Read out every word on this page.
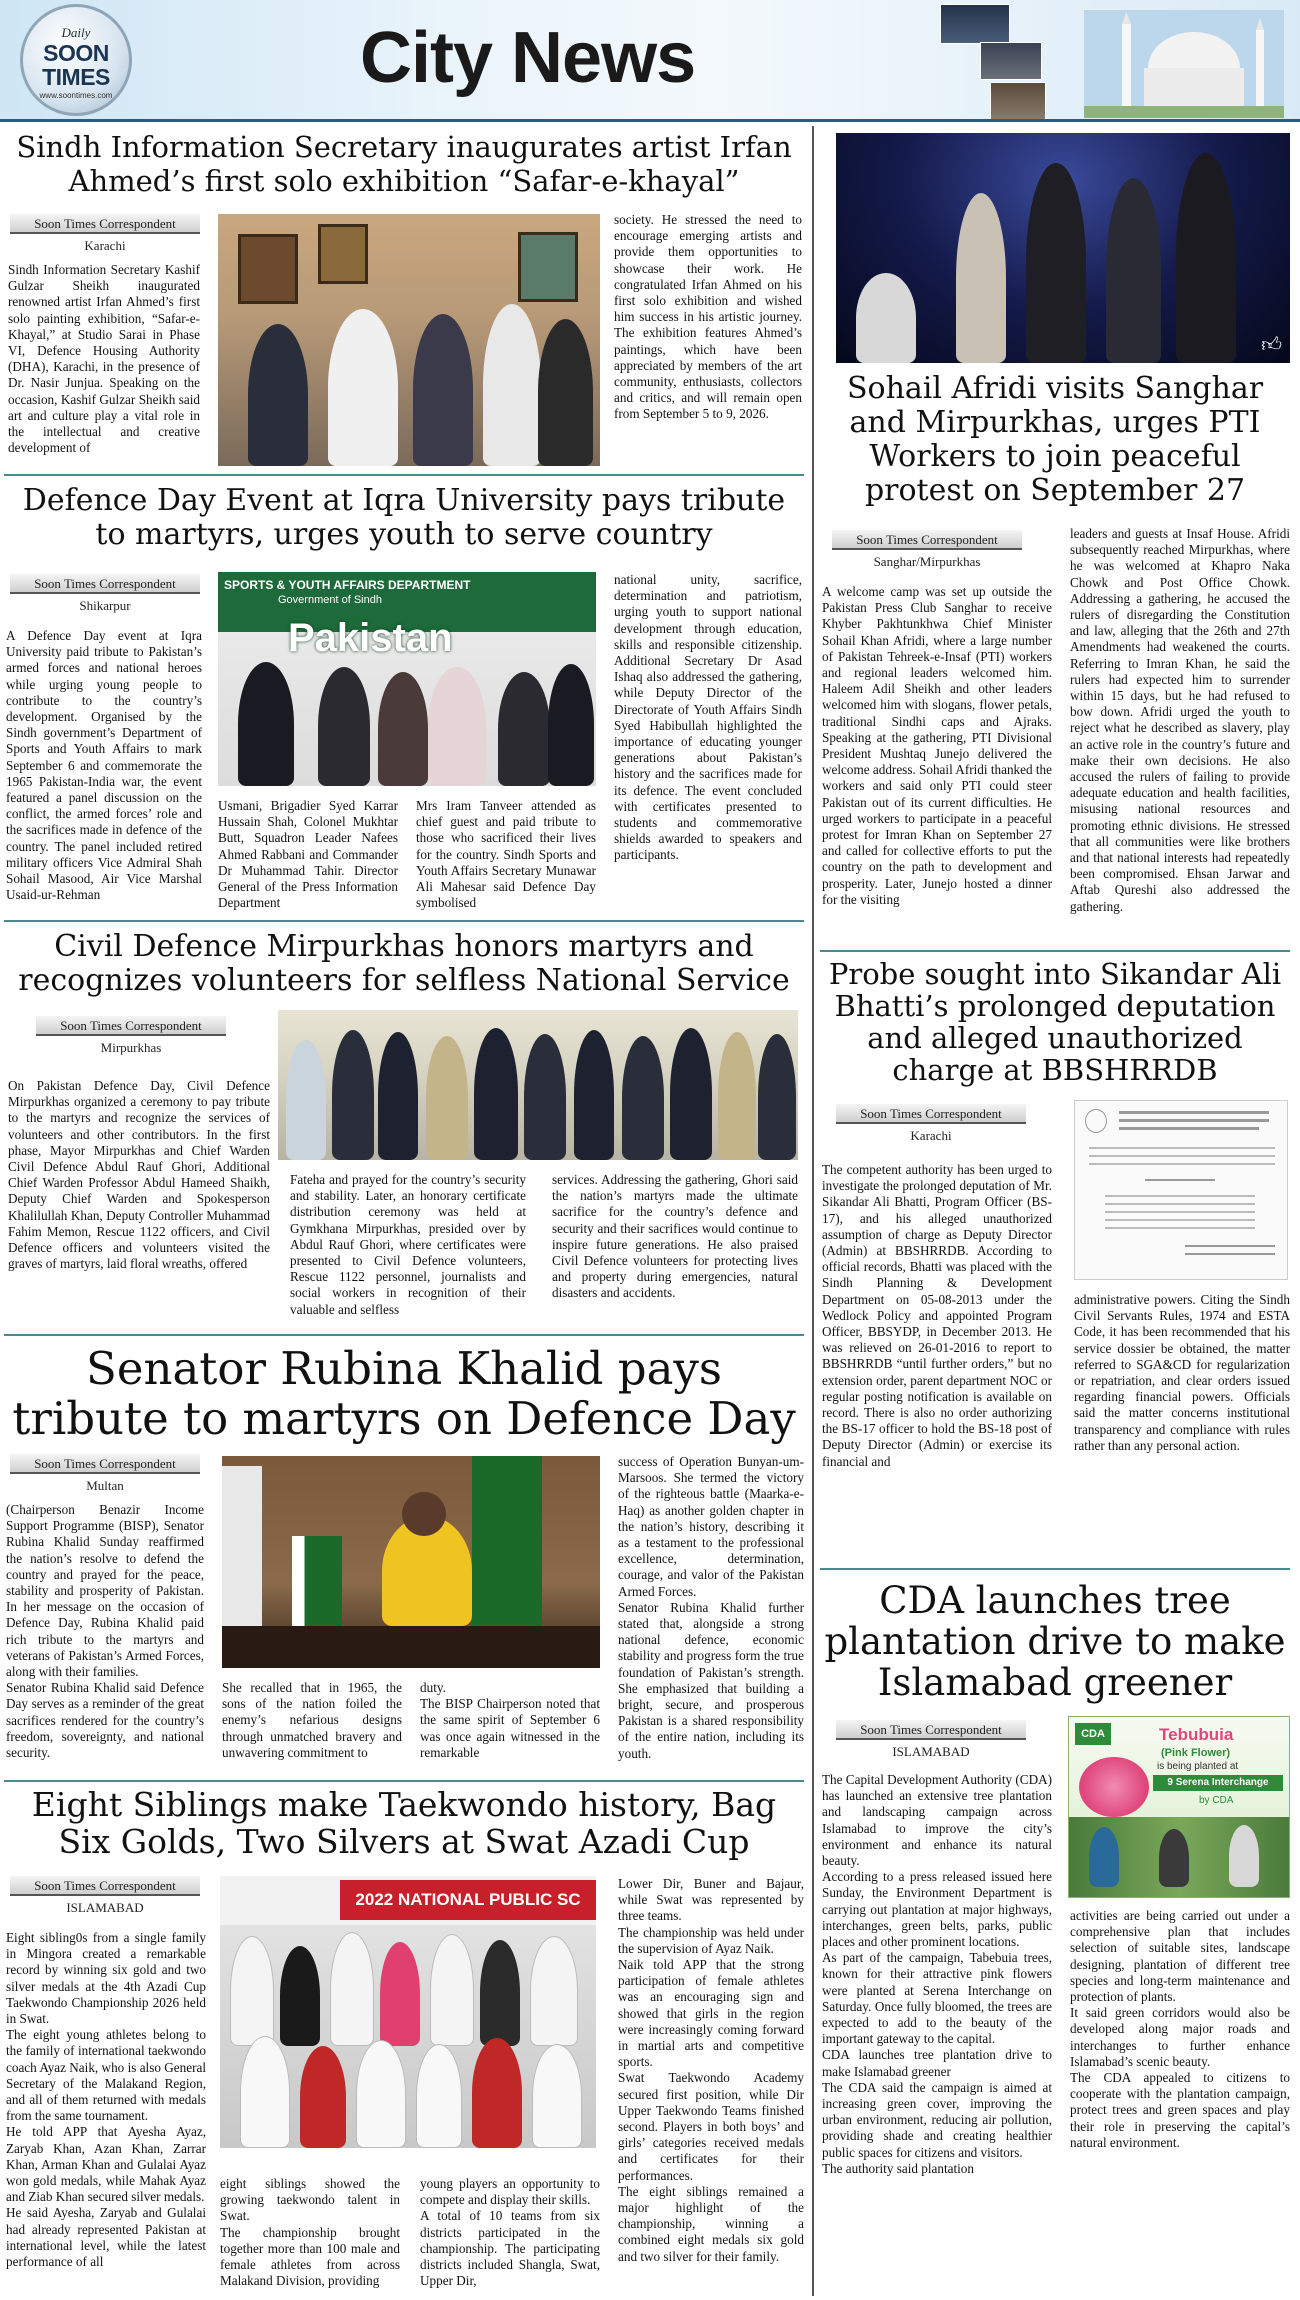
Daily
SOON TIMES
www.soontimes.com	City News
Sindh Information Secretary inaugurates artist Irfan Ahmed’s first solo exhibition “Safar-e-khayal”
Soon Times Correspondent
Karachi
Sindh Information Secretary Kashif Gulzar Sheikh inaugurated renowned artist Irfan Ahmed’s first solo painting exhibition, “Safar-e-Khayal,” at Studio Sarai in Phase VI, Defence Housing Authority (DHA), Karachi, in the presence of Dr. Nasir Junjua. Speaking on the occasion, Kashif Gulzar Sheikh said art and culture play a vital role in the intellectual and creative development of
society. He stressed the need to encourage emerging artists and provide them opportunities to showcase their work. He congratulated Irfan Ahmed on his first solo exhibition and wished him success in his artistic journey. The exhibition features Ahmed’s paintings, which have been appreciated by members of the art community, enthusiasts, collectors and critics, and will remain open from September 5 to 9, 2026.
👍︎
Sohail Afridi visits Sanghar and Mirpurkhas, urges PTI Workers to join peaceful protest on September 27
Soon Times Correspondent
Sanghar/Mirpurkhas
A welcome camp was set up outside the Pakistan Press Club Sanghar to receive Khyber Pakhtunkhwa Chief Minister Sohail Khan Afridi, where a large number of Pakistan Tehreek-e-Insaf (PTI) workers and regional leaders welcomed him. Haleem Adil Sheikh and other leaders welcomed him with slogans, flower petals, traditional Sindhi caps and Ajraks. Speaking at the gathering, PTI Divisional President Mushtaq Junejo delivered the welcome address. Sohail Afridi thanked the workers and said only PTI could steer Pakistan out of its current difficulties. He urged workers to participate in a peaceful protest for Imran Khan on September 27 and called for collective efforts to put the country on the path to development and prosperity. Later, Junejo hosted a dinner for the visiting
leaders and guests at Insaf House. Afridi subsequently reached Mirpurkhas, where he was welcomed at Khapro Naka Chowk and Post Office Chowk. Addressing a gathering, he accused the rulers of disregarding the Constitution and law, alleging that the 26th and 27th Amendments had weakened the courts. Referring to Imran Khan, he said the rulers had expected him to surrender within 15 days, but he had refused to bow down. Afridi urged the youth to reject what he described as slavery, play an active role in the country’s future and make their own decisions. He also accused the rulers of failing to provide adequate education and health facilities, misusing national resources and promoting ethnic divisions. He stressed that all communities were like brothers and that national interests had repeatedly been compromised. Ehsan Jarwar and Aftab Qureshi also addressed the gathering.
Defence Day Event at Iqra University pays tribute to martyrs, urges youth to serve country
Soon Times Correspondent
Shikarpur
A Defence Day event at Iqra University paid tribute to Pakistan’s armed forces and national heroes while urging young people to contribute to the country’s development. Organised by the Sindh government’s Department of Sports and Youth Affairs to mark September 6 and commemorate the 1965 Pakistan-India war, the event featured a panel discussion on the conflict, the armed forces’ role and the sacrifices made in defence of the country. The panel included retired military officers Vice Admiral Shah Sohail Masood, Air Vice Marshal Usaid-ur-Rehman
SPORTS & YOUTH AFFAIRS DEPARTMENT
Government of Sindh
Pakistan
Usmani, Brigadier Syed Karrar Hussain Shah, Colonel Mukhtar Butt, Squadron Leader Nafees Ahmed Rabbani and Commander Dr Muhammad Tahir. Director General of the Press Information Department
Mrs Iram Tanveer attended as chief guest and paid tribute to those who sacrificed their lives for the country. Sindh Sports and Youth Affairs Secretary Munawar Ali Mahesar said Defence Day symbolised
national unity, sacrifice, determination and patriotism, urging youth to support national development through education, skills and responsible citizenship. Additional Secretary Dr Asad Ishaq also addressed the gathering, while Deputy Director of the Directorate of Youth Affairs Sindh Syed Habibullah highlighted the importance of educating younger generations about Pakistan’s history and the sacrifices made for its defence. The event concluded with certificates presented to students and commemorative shields awarded to speakers and participants.
Civil Defence Mirpurkhas honors martyrs and recognizes volunteers for selfless National Service
Soon Times Correspondent
Mirpurkhas
On Pakistan Defence Day, Civil Defence Mirpurkhas organized a ceremony to pay tribute to the martyrs and recognize the services of volunteers and other contributors. In the first phase, Mayor Mirpurkhas and Chief Warden Civil Defence Abdul Rauf Ghori, Additional Chief Warden Professor Abdul Hameed Shaikh, Deputy Chief Warden and Spokesperson Khalilullah Khan, Deputy Controller Muhammad Fahim Memon, Rescue 1122 officers, and Civil Defence officers and volunteers visited the graves of martyrs, laid floral wreaths, offered
Fateha and prayed for the country’s security and stability. Later, an honorary certificate distribution ceremony was held at Gymkhana Mirpurkhas, presided over by Abdul Rauf Ghori, where certificates were presented to Civil Defence volunteers, Rescue 1122 personnel, journalists and social workers in recognition of their valuable and selfless
services. Addressing the gathering, Ghori said the nation’s martyrs made the ultimate sacrifice for the country’s defence and security and their sacrifices would continue to inspire future generations. He also praised Civil Defence volunteers for protecting lives and property during emergencies, natural disasters and accidents.
Probe sought into Sikandar Ali Bhatti’s prolonged deputation and alleged unauthorized charge at BBSHRRDB
Soon Times Correspondent
Karachi
The competent authority has been urged to investigate the prolonged deputation of Mr. Sikandar Ali Bhatti, Program Officer (BS-17), and his alleged unauthorized assumption of charge as Deputy Director (Admin) at BBSHRRDB. According to official records, Bhatti was placed with the Sindh Planning & Development Department on 05-08-2013 under the Wedlock Policy and appointed Program Officer, BBSYDP, in December 2013. He was relieved on 26-01-2016 to report to BBSHRRDB “until further orders,” but no extension order, parent department NOC or regular posting notification is available on record. There is also no order authorizing the BS-17 officer to hold the BS-18 post of Deputy Director (Admin) or exercise its financial and
administrative powers. Citing the Sindh Civil Servants Rules, 1974 and ESTA Code, it has been recommended that his service dossier be obtained, the matter referred to SGA&CD for regularization or repatriation, and clear orders issued regarding financial powers. Officials said the matter concerns institutional transparency and compliance with rules rather than any personal action.
Senator Rubina Khalid pays tribute to martyrs on Defence Day
Soon Times Correspondent
Multan
(Chairperson Benazir Income Support Programme (BISP), Senator Rubina Khalid Sunday reaffirmed the nation’s resolve to defend the country and prayed for the peace, stability and prosperity of Pakistan. In her message on the occasion of Defence Day, Rubina Khalid paid rich tribute to the martyrs and veterans of Pakistan’s Armed Forces, along with their families.
Senator Rubina Khalid said Defence Day serves as a reminder of the great sacrifices rendered for the country’s freedom, sovereignty, and national security.
She recalled that in 1965, the sons of the nation foiled the enemy’s nefarious designs through unmatched bravery and unwavering commitment to
duty.
The BISP Chairperson noted that the same spirit of September 6 was once again witnessed in the remarkable
success of Operation Bunyan-um-Marsoos. She termed the victory of the righteous battle (Maarka-e-Haq) as another golden chapter in the nation’s history, describing it as a testament to the professional excellence, determination, courage, and valor of the Pakistan Armed Forces.
Senator Rubina Khalid further stated that, alongside a strong national defence, economic stability and progress form the true foundation of Pakistan’s strength. She emphasized that building a bright, secure, and prosperous Pakistan is a shared responsibility of the entire nation, including its youth.
CDA launches tree plantation drive to make Islamabad greener
Soon Times Correspondent
ISLAMABAD
The Capital Development Authority (CDA) has launched an extensive tree plantation and landscaping campaign across Islamabad to improve the city’s environment and enhance its natural beauty.
According to a press released issued here Sunday, the Environment Department is carrying out plantation at major highways, interchanges, green belts, parks, public places and other prominent locations.
As part of the campaign, Tabebuia trees, known for their attractive pink flowers were planted at Serena Interchange on Saturday. Once fully bloomed, the trees are expected to add to the beauty of the important gateway to the capital.
CDA launches tree plantation drive to make Islamabad greener
The CDA said the campaign is aimed at increasing green cover, improving the urban environment, reducing air pollution, providing shade and creating healthier public spaces for citizens and visitors.
The authority said plantation
CDA	Tebubuia
(Pink Flower)
is being planted at
9 Serena Interchange
by CDA
activities are being carried out under a comprehensive plan that includes selection of suitable sites, landscape designing, plantation of different tree species and long-term maintenance and protection of plants.
It said green corridors would also be developed along major roads and interchanges to further enhance Islamabad’s scenic beauty.
The CDA appealed to citizens to cooperate with the plantation campaign, protect trees and green spaces and play their role in preserving the capital’s natural environment.
Eight Siblings make Taekwondo history, Bag Six Golds, Two Silvers at Swat Azadi Cup
Soon Times Correspondent
ISLAMABAD
Eight sibling0s from a single family in Mingora created a remarkable record by winning six gold and two silver medals at the 4th Azadi Cup Taekwondo Championship 2026 held in Swat.
The eight young athletes belong to the family of international taekwondo coach Ayaz Naik, who is also General Secretary of the Malakand Region, and all of them returned with medals from the same tournament.
He told APP that Ayesha Ayaz, Zaryab Khan, Azan Khan, Zarrar Khan, Arman Khan and Gulalai Ayaz won gold medals, while Mahak Ayaz and Ziab Khan secured silver medals.
He said Ayesha, Zaryab and Gulalai had already represented Pakistan at international level, while the latest performance of all
2022 NATIONAL PUBLIC SC
eight siblings showed the growing taekwondo talent in Swat.
The championship brought together more than 100 male and female athletes from across Malakand Division, providing
young players an opportunity to compete and display their skills.
A total of 10 teams from six districts participated in the championship. The participating districts included Shangla, Swat, Upper Dir,
Lower Dir, Buner and Bajaur, while Swat was represented by three teams.
The championship was held under the supervision of Ayaz Naik.
Naik told APP that the strong participation of female athletes was an encouraging sign and showed that girls in the region were increasingly coming forward in martial arts and competitive sports.
Swat Taekwondo Academy secured first position, while Dir Upper Taekwondo Teams finished second. Players in both boys’ and girls’ categories received medals and certificates for their performances.
The eight siblings remained a major highlight of the championship, winning a combined eight medals six gold and two silver for their family.
